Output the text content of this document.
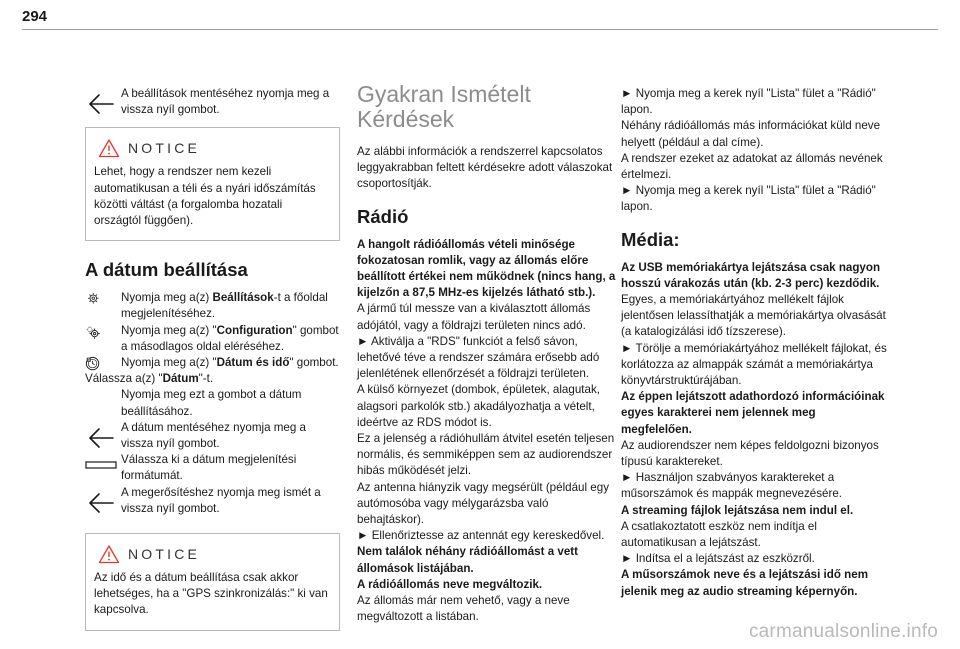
294
A beállítások mentéséhez nyomja meg a vissza nyíl gombot.
NOTICE
Lehet, hogy a rendszer nem kezeli automatikusan a téli és a nyári időszámítás közötti váltást (a forgalomba hozatali országtól függően).
A dátum beállítása
Nyomja meg a(z) Beállítások-t a főoldal megjelenítéséhez.
Nyomja meg a(z) "Configuration" gombot a másodlagos oldal eléréséhez.
8	Nyomja meg a(z) "Dátum és idő" gombot.
Válassza a(z) "Dátum"-t.
Nyomja meg ezt a gombot a dátum beállításához.
A dátum mentéséhez nyomja meg a vissza nyíl gombot.
Válassza ki a dátum megjelenítési formátumát.
A megerősítéshez nyomja meg ismét a vissza nyíl gombot.
NOTICE
Az idő és a dátum beállítása csak akkor lehetséges, ha a "GPS szinkronizálás:" ki van kapcsolva.
Gyakran Ismételt Kérdések
Az alábbi információk a rendszerrel kapcsolatos leggyakrabban feltett kérdésekre adott válaszokat csoportosítják.
Rádió
A hangolt rádióállomás vételi minősége fokozatosan romlik, vagy az állomás előre beállított értékei nem működnek (nincs hang, a kijelzőn a 87,5 MHz-es kijelzés látható stb.).
A jármű túl messze van a kiválasztott állomás adójától, vagy a földrajzi területen nincs adó.
► Aktiválja a "RDS" funkciót a felső sávon, lehetővé téve a rendszer számára erősebb adó jelenlétének ellenőrzését a földrajzi területen.
A külső környezet (dombok, épületek, alagutak, alagsori parkolók stb.) akadályozhatja a vételt, ideértve az RDS módot is.
Ez a jelenség a rádióhullám átvitel esetén teljesen normális, és semmiképpen sem az audiorendszer hibás működését jelzi.
Az antenna hiányzik vagy megsérült (például egy autómosóba vagy mélygarázsba való behajtáskor).
► Ellenőriztesse az antennát egy kereskedővel.
Nem találok néhány rádióállomást a vett állomások listájában.
A rádióállomás neve megváltozik.
Az állomás már nem vehető, vagy a neve megváltozott a listában.
► Nyomja meg a kerek nyíl "Lista" fület a "Rádió" lapon.
Néhány rádióállomás más információkat küld neve helyett (például a dal címe).
A rendszer ezeket az adatokat az állomás nevének értelmezi.
► Nyomja meg a kerek nyíl "Lista" fület a "Rádió" lapon.
Média:
Az USB memóriakártya lejátszása csak nagyon hosszú várakozás után (kb. 2-3 perc) kezdődik.
Egyes, a memóriakártyához mellékelt fájlok jelentősen lelassíthatják a memóriakártya olvasását (a katalogizálási idő tízszerese).
► Törölje a memóriakártyához mellékelt fájlokat, és korlátozza az almappák számát a memóriakártya könyvtárstruktúrájában.
Az éppen lejátszott adathordozó információinak egyes karakterei nem jelennek meg megfelelően.
Az audiorendszer nem képes feldolgozni bizonyos típusú karaktereket.
► Használjon szabványos karaktereket a műsorszámok és mappák megnevezésére.
A streaming fájlok lejátszása nem indul el.
A csatlakoztatott eszköz nem indítja el automatikusan a lejátszást.
► Indítsa el a lejátszást az eszközről.
A műsorszámok neve és a lejátszási idő nem jelenik meg az audio streaming képernyőn.
carmanualsonline.info
